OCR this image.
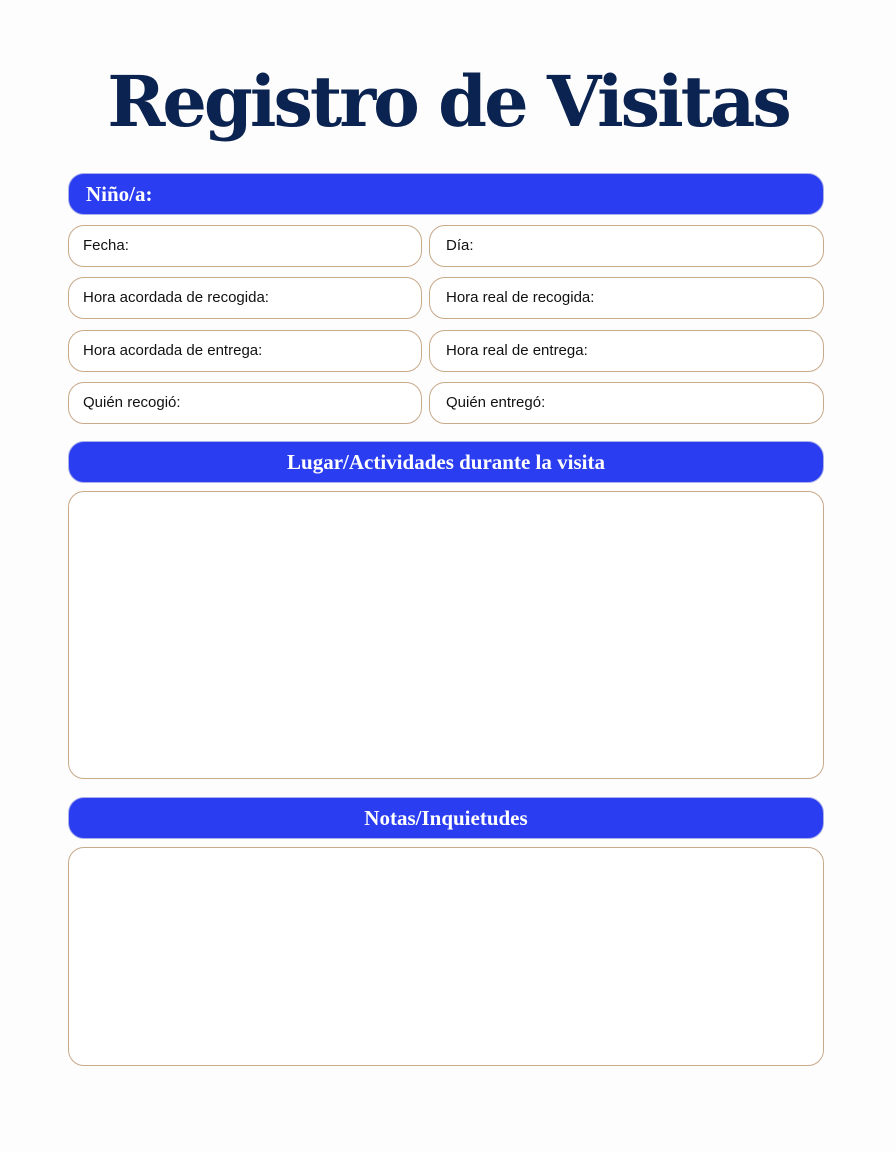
Registro de Visitas
Niño/a:
Fecha:	Día:
Hora acordada de recogida:	Hora real de recogida:
Hora acordada de entrega:	Hora real de entrega:
Quién recogió:	Quién entregó:
Lugar/Actividades durante la visita
Notas/Inquietudes
